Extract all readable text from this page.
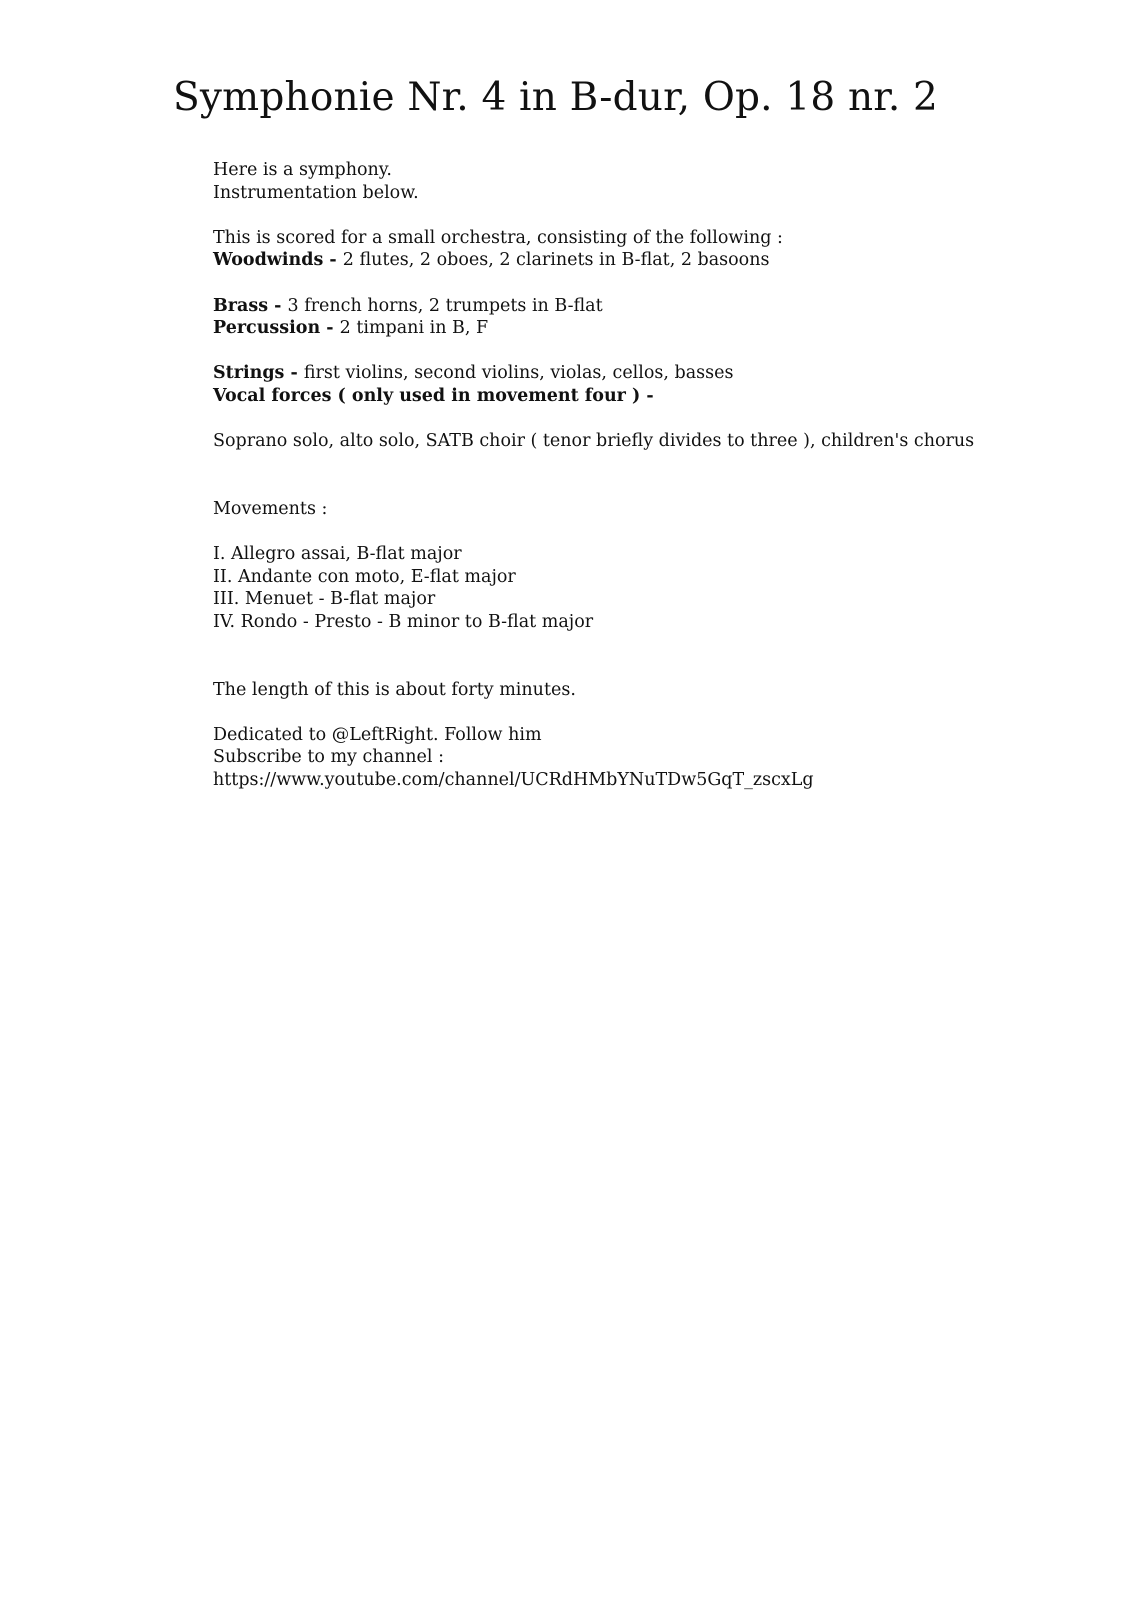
Symphonie Nr. 4 in B-dur, Op. 18 nr. 2
Here is a symphony.
Instrumentation below.
This is scored for a small orchestra, consisting of the following :
Woodwinds - 2 flutes, 2 oboes, 2 clarinets in B-flat, 2 basoons
Brass - 3 french horns, 2 trumpets in B-flat
Percussion - 2 timpani in B, F
Strings - first violins, second violins, violas, cellos, basses
Vocal forces ( only used in movement four ) -
Soprano solo, alto solo, SATB choir ( tenor briefly divides to three ), children's chorus
Movements :
I. Allegro assai, B-flat major
II. Andante con moto, E-flat major
III. Menuet - B-flat major
IV. Rondo - Presto - B minor to B-flat major
The length of this is about forty minutes.
Dedicated to @LeftRight. Follow him
Subscribe to my channel :
https://www.youtube.com/channel/UCRdHMbYNuTDw5GqT_zscxLg
